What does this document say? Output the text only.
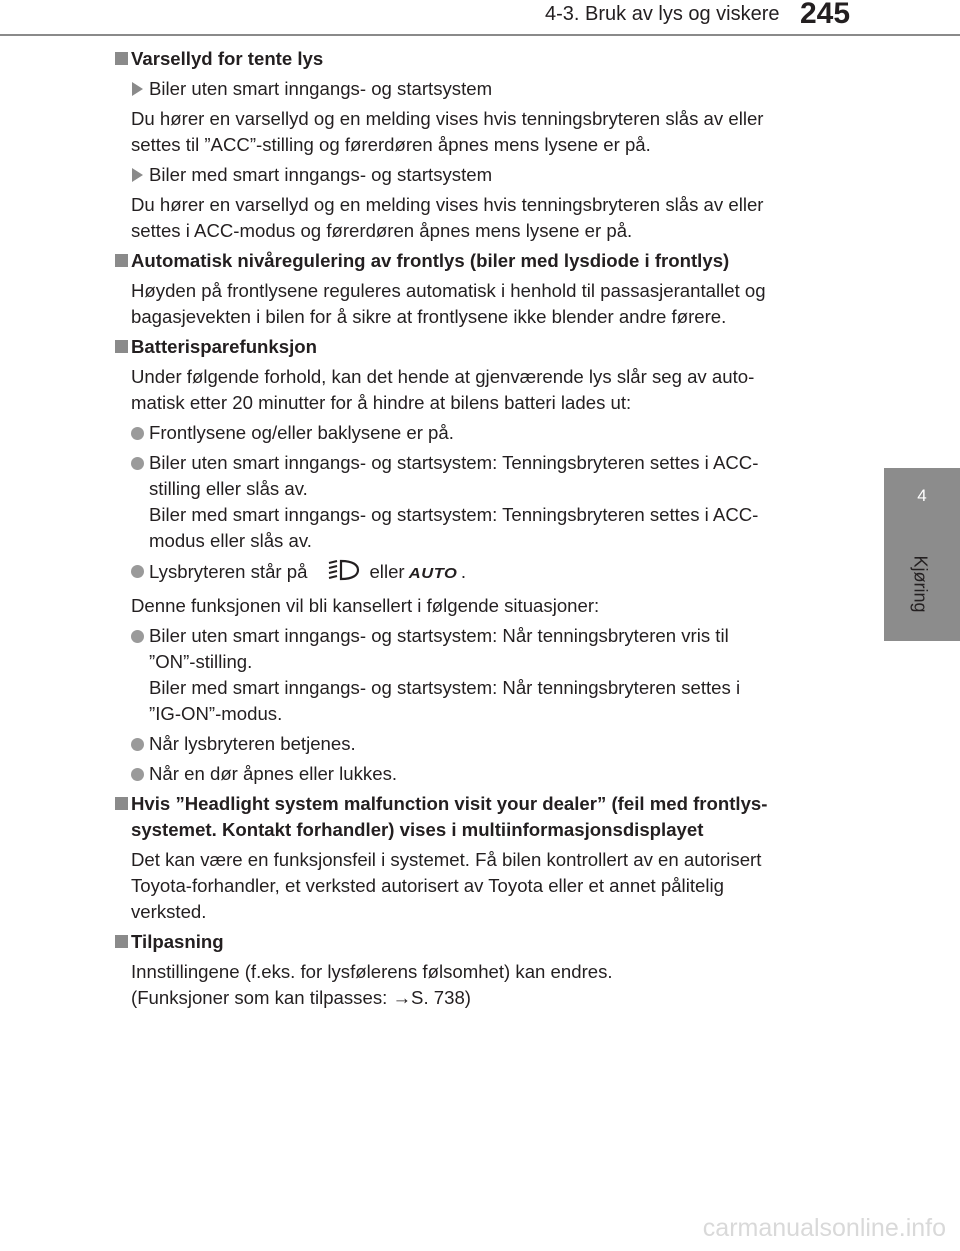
4-3. Bruk av lys og viskere 245
4
Kjøring
Varsellyd for tente lys
Biler uten smart inngangs- og startsystem
Du hører en varsellyd og en melding vises hvis tenningsbryteren slås av eller
settes til ”ACC”-stilling og førerdøren åpnes mens lysene er på.
Biler med smart inngangs- og startsystem
Du hører en varsellyd og en melding vises hvis tenningsbryteren slås av eller
settes i ACC-modus og førerdøren åpnes mens lysene er på.
Automatisk nivåregulering av frontlys (biler med lysdiode i frontlys)
Høyden på frontlysene reguleres automatisk i henhold til passasjerantallet og
bagasjevekten i bilen for å sikre at frontlysene ikke blender andre førere.
Batterisparefunksjon
Under følgende forhold, kan det hende at gjenværende lys slår seg av auto-
matisk etter 20 minutter for å hindre at bilens batteri lades ut:
Frontlysene og/eller baklysene er på.
Biler uten smart inngangs- og startsystem: Tenningsbryteren settes i ACC-
stilling eller slås av.
Biler med smart inngangs- og startsystem: Tenningsbryteren settes i ACC-
modus eller slås av.
Lysbryteren står på	eller AUTO .
Denne funksjonen vil bli kansellert i følgende situasjoner:
Biler uten smart inngangs- og startsystem: Når tenningsbryteren vris til
”ON”-stilling.
Biler med smart inngangs- og startsystem: Når tenningsbryteren settes i
”IG-ON”-modus.
Når lysbryteren betjenes.
Når en dør åpnes eller lukkes.
Hvis ”Headlight system malfunction visit your dealer” (feil med frontlys-
systemet. Kontakt forhandler) vises i multiinformasjonsdisplayet
Det kan være en funksjonsfeil i systemet. Få bilen kontrollert av en autorisert
Toyota-forhandler, et verksted autorisert av Toyota eller et annet pålitelig
verksted.
Tilpasning
Innstillingene (f.eks. for lysfølerens følsomhet) kan endres.
(Funksjoner som kan tilpasses: →S. 738)
carmanualsonline.info
